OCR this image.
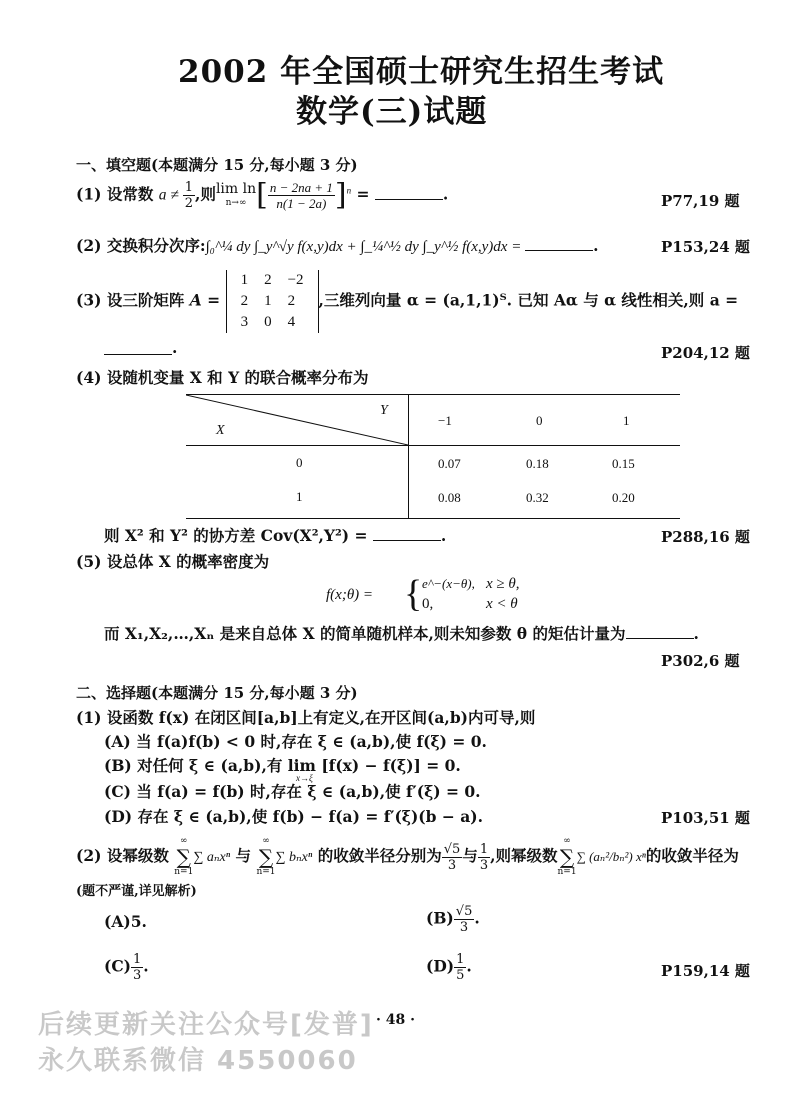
2002 年全国硕士研究生招生考试
数学(三)试题
一、填空题(本题满分 15 分,每小题 3 分)
(1) 设常数 $a \ne \frac{1}{2}$ ,则 lim ln
n→∞ [ $\frac{n - 2na + 1}{n(1 - 2a)} ]^n$ =	.	P77,19 题
(2) 交换积分次序:∫₀^¼ dy ∫_y^√y f(x,y)dx + ∫_¼^½ dy ∫_y^½ f(x,y)dx =	.	P153,24 题
(3) 设三阶矩阵 A =
1	2	−2
2	1	2
3	0	4
,三维列向量 α = (a,1,1)ᵀ. 已知 Aα 与 α 线性相关,则 a =
.	P204,12 题
(4) 设随机变量 X 和 Y 的联合概率分布为
Y
X
−1	0	1
0	0.07	0.18	0.15
1	0.08	0.32	0.20
则 X² 和 Y² 的协方差 Cov(X²,Y²) =	.	P288,16 题
(5) 设总体 X 的概率密度为
f(x;θ) = { e^−(x−θ), x ≥ θ,
0,	x < θ
而 X₁,X₂,…,Xₙ 是来自总体 X 的简单随机样本,则未知参数 θ 的矩估计量为	.
P302,6 题
二、选择题(本题满分 15 分,每小题 3 分)
(1) 设函数 f(x) 在闭区间[a,b]上有定义,在开区间(a,b)内可导,则
(A) 当 f(a)f(b) < 0 时,存在 ξ ∈ (a,b),使 f(ξ) = 0.
(B) 对任何 ξ ∈ (a,b),有 lim [f(x) − f(ξ)] = 0.
x→ξ
(C) 当 f(a) = f(b) 时,存在 ξ ∈ (a,b),使 f′(ξ) = 0.
(D) 存在 ξ ∈ (a,b),使 f(b) − f(a) = f′(ξ)(b − a).	P103,51 题
(2) 设幂级数
∞
∑
n=1
∑ aₙxⁿ 与
∞
∑
n=1
∑ bₙxⁿ 的收敛半径分别为 $\frac{√5}{3}$ 与 $\frac{1}{3}$ ,则幂级数
∞
∑
n=1
∑ (aₙ²/bₙ²) xⁿ的收敛半径为
(题不严谨,详见解析)
(A)5.	$(B) \frac{√5}{3}$ .
$(C) \frac{1}{3}$ .	$(D) \frac{1}{5}$ .	P159,14 题
后续更新关注公众号[发普]
永久联系微信 4550060
· 48 ·
